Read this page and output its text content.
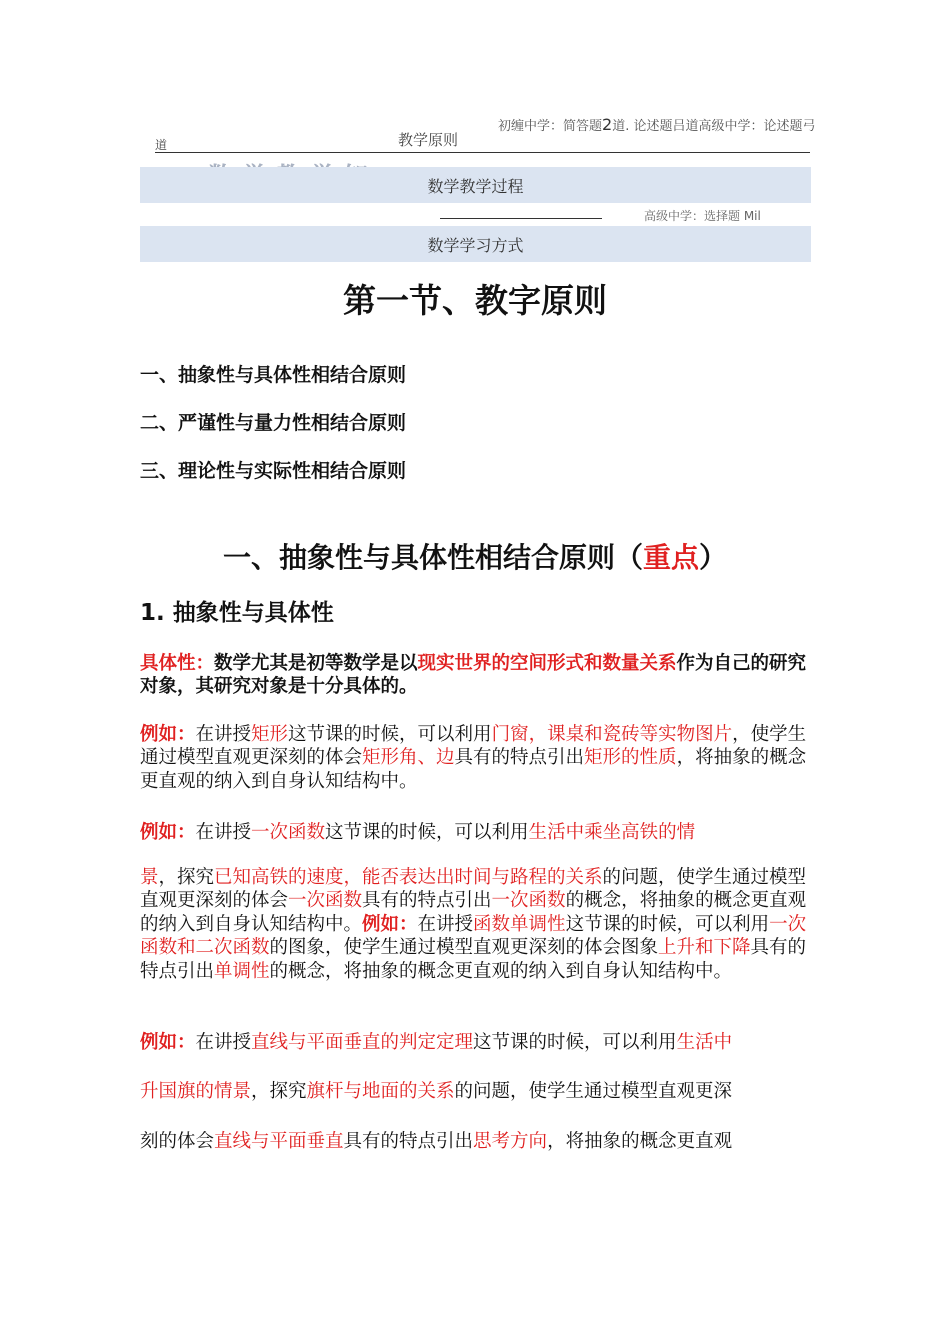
初缠中学：简答题2道. 论述题吕道高级中学：论述题弓
道	教学原则
数学教学过程
高级中学：选择题 Mil
数学学习方式
第一节、教字原则
一、抽象性与具体性相结合原则
二、严谨性与量力性相结合原则
三、理论性与实际性相结合原则
一、抽象性与具体性相结合原则（重点）
1. 抽象性与具体性
具体性：数学尤其是初等数学是以现实世界的空间形式和数量关系作为自己的研究对象，其研究对象是十分具体的。
例如：在讲授矩形这节课的时候，可以利用门窗，课桌和瓷砖等实物图片，使学生通过模型直观更深刻的体会矩形角、边具有的特点引出矩形的性质，将抽象的概念更直观的纳入到自身认知结构中。
例如：在讲授一次函数这节课的时候，可以利用生活中乘坐高铁的情
景，探究已知高铁的速度，能否表达出时间与路程的关系的问题，使学生通过模型直观更深刻的体会一次函数具有的特点引出一次函数的概念，将抽象的概念更直观的纳入到自身认知结构中。例如：在讲授函数单调性这节课的时候，可以利用一次函数和二次函数的图象，使学生通过模型直观更深刻的体会图象上升和下降具有的特点引出单调性的概念，将抽象的概念更直观的纳入到自身认知结构中。
例如：在讲授直线与平面垂直的判定定理这节课的时候，可以利用生活中
升国旗的情景，探究旗杆与地面的关系的问题，使学生通过模型直观更深
刻的体会直线与平面垂直具有的特点引出思考方向，将抽象的概念更直观
